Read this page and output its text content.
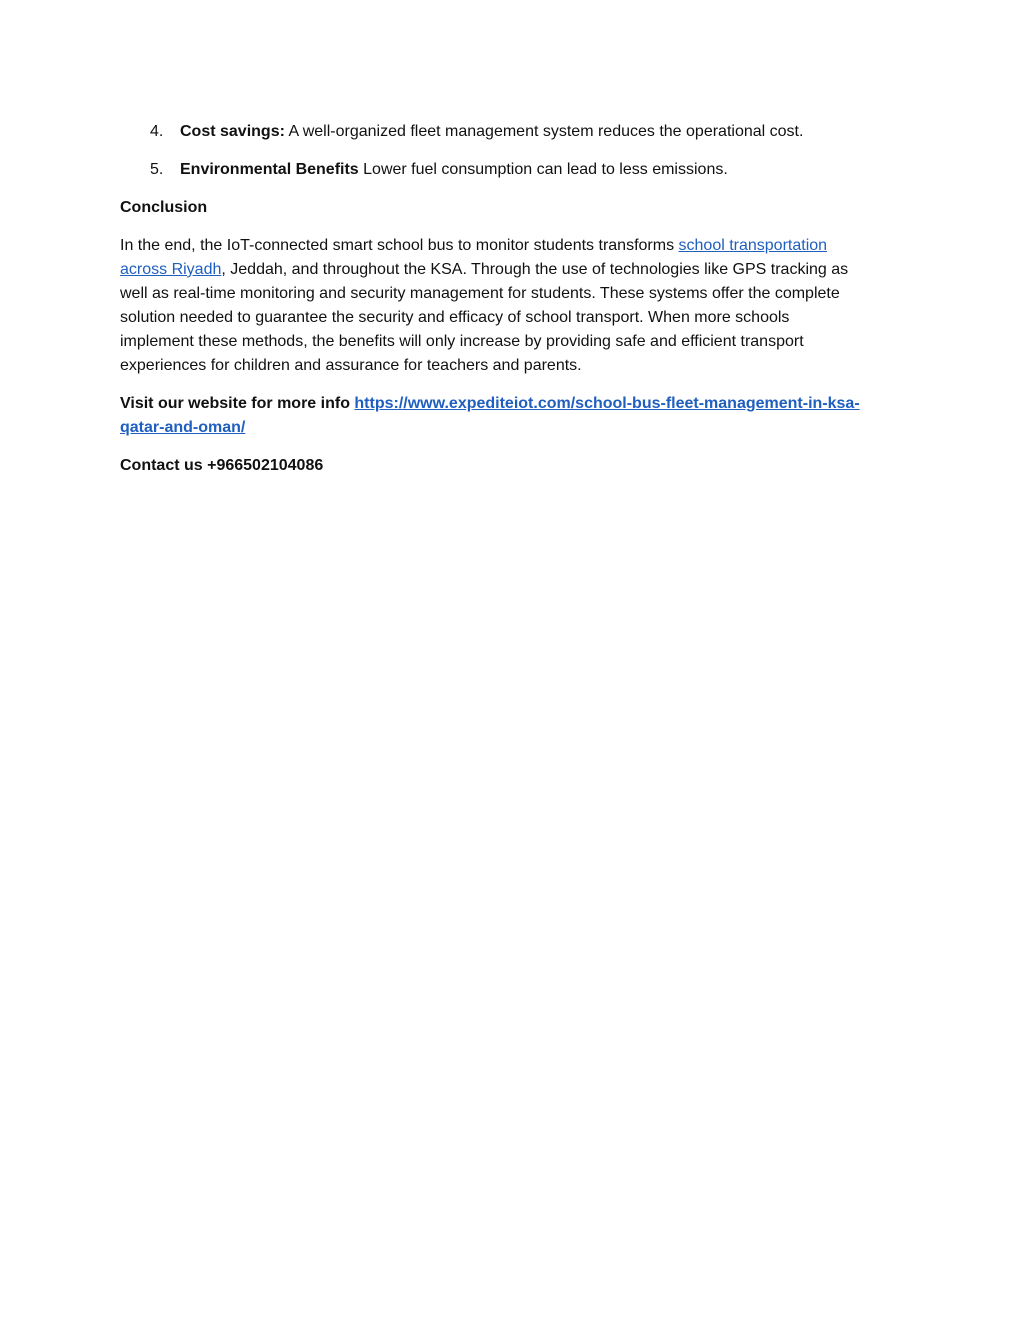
4.	Cost savings: A well-organized fleet management system reduces the operational cost.
5.	Environmental Benefits Lower fuel consumption can lead to less emissions.
Conclusion
In the end, the IoT-connected smart school bus to monitor students transforms school transportation
across Riyadh, Jeddah, and throughout the KSA. Through the use of technologies like GPS tracking as
well as real-time monitoring and security management for students. These systems offer the complete
solution needed to guarantee the security and efficacy of school transport. When more schools
implement these methods, the benefits will only increase by providing safe and efficient transport
experiences for children and assurance for teachers and parents.
Visit our website for more info https://www.expediteiot.com/school-bus-fleet-management-in-ksa-
qatar-and-oman/
Contact us +966502104086
